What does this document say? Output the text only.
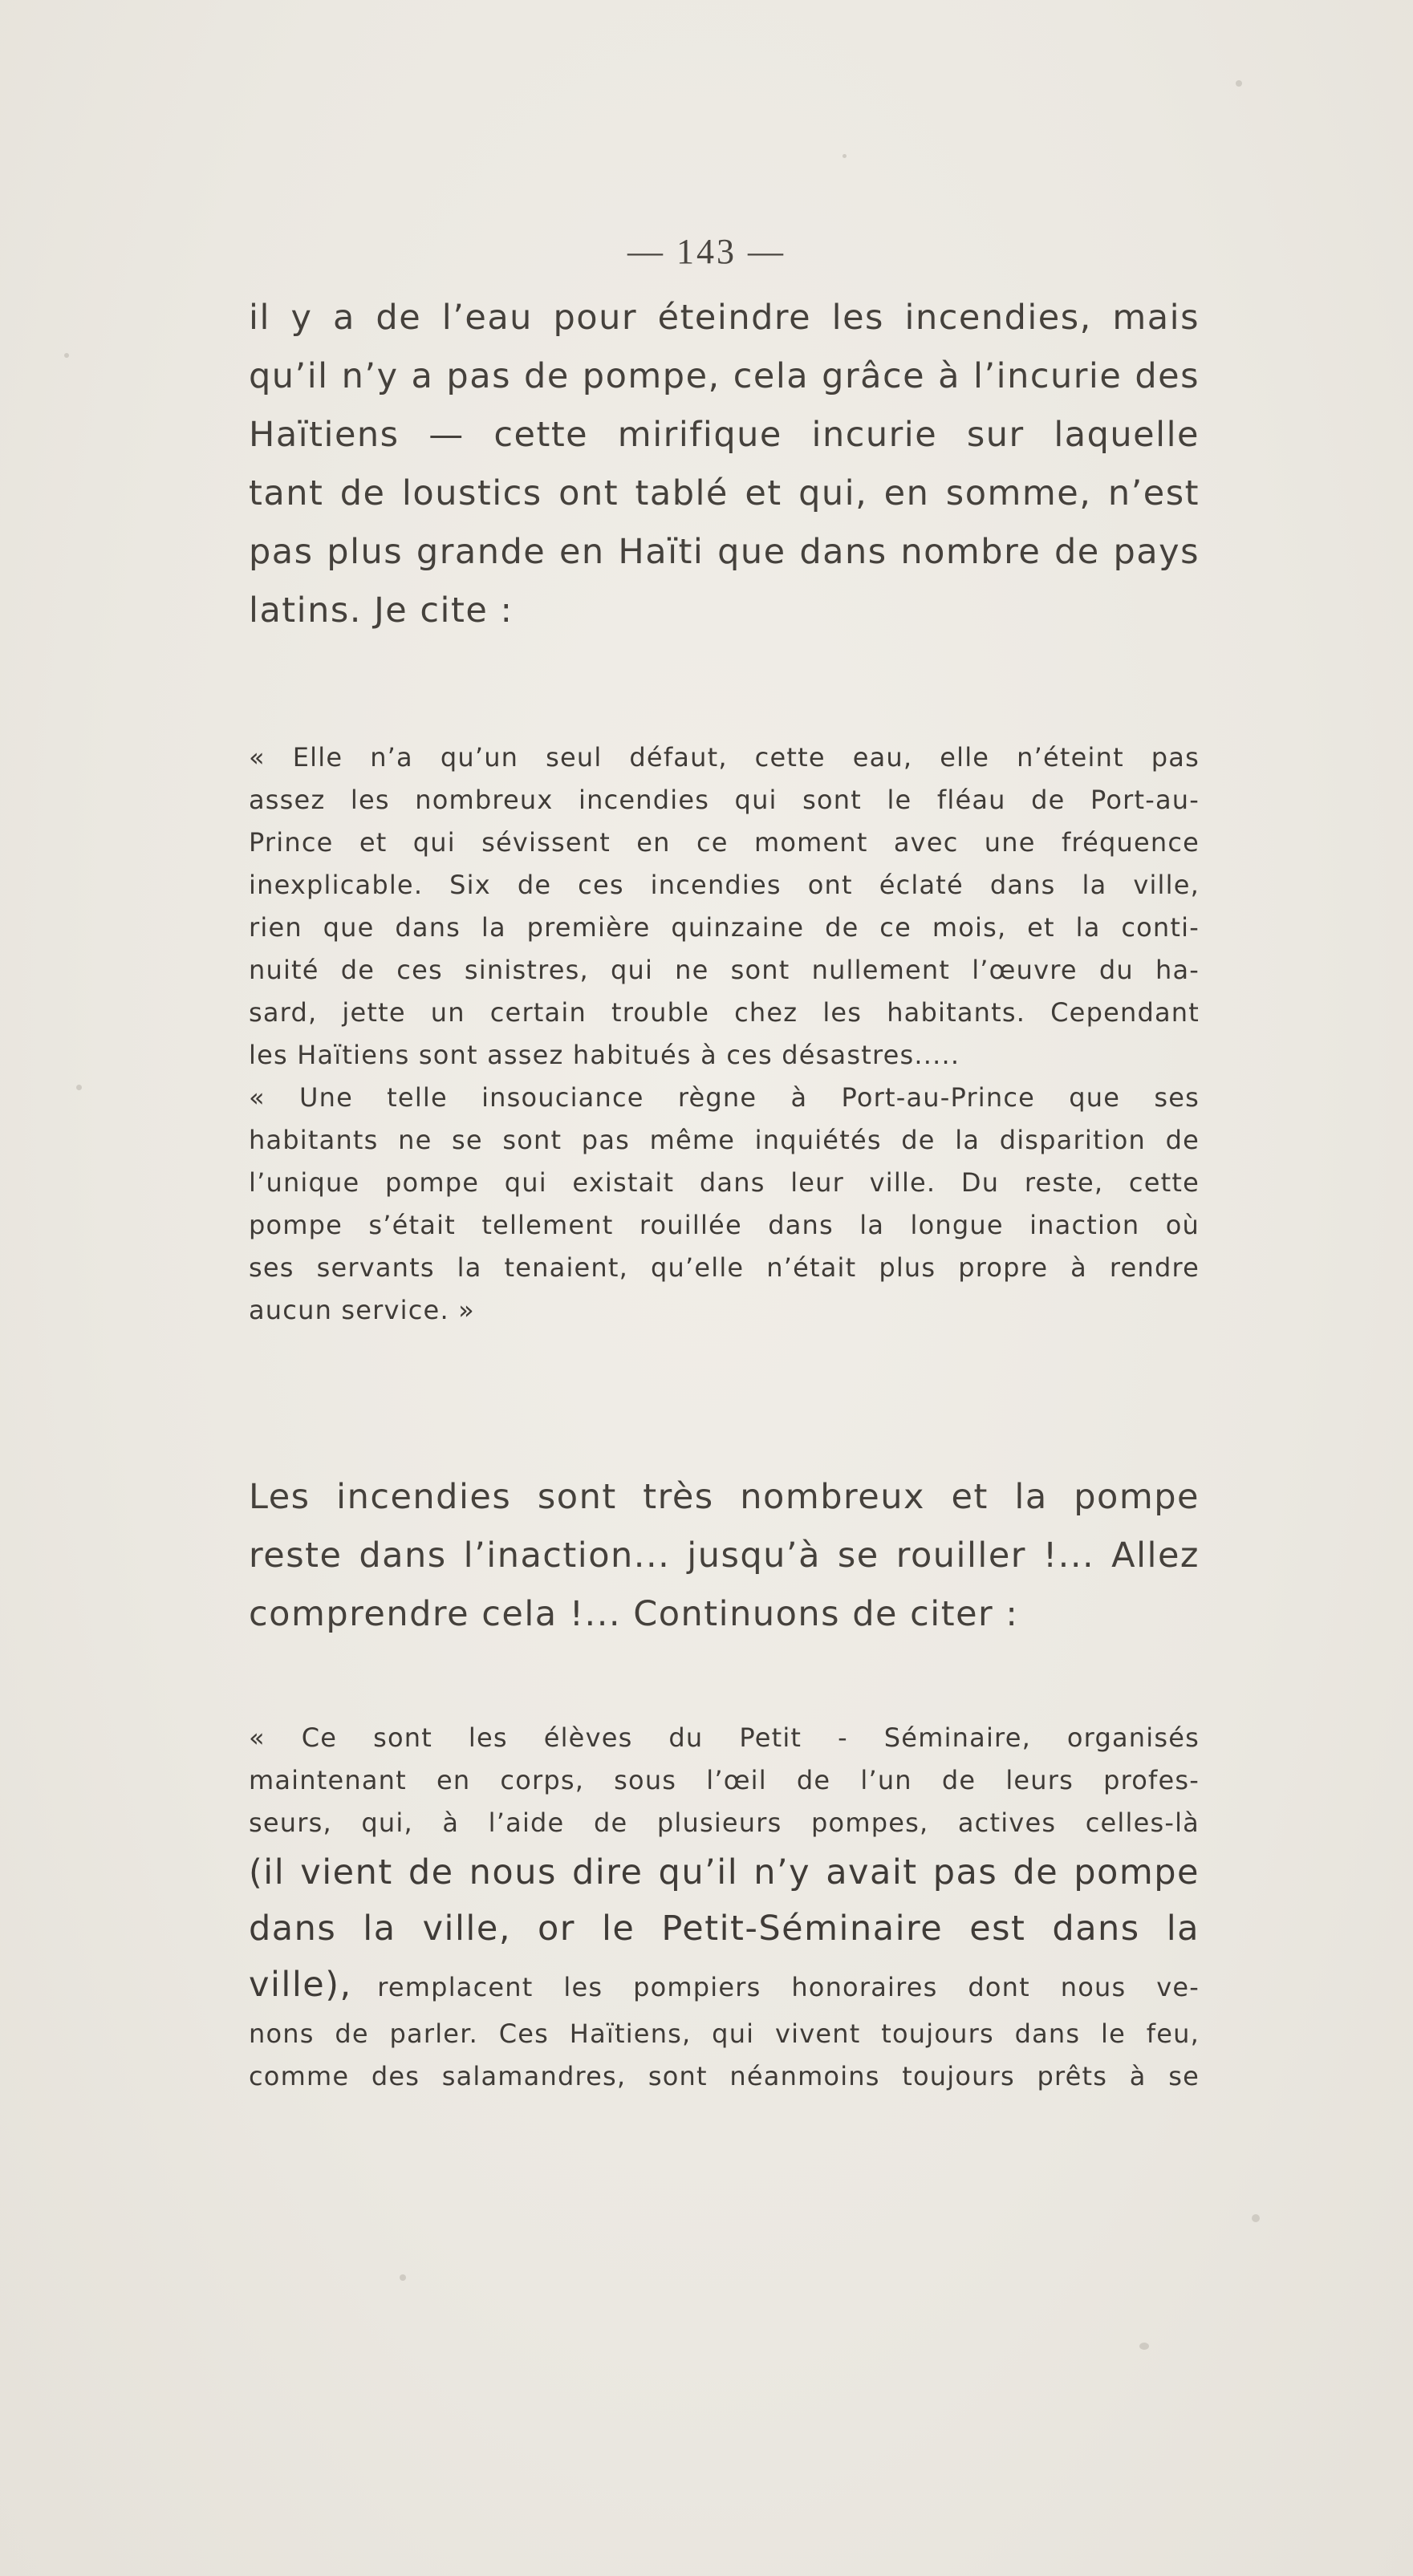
— 143 —
il y a de l’eau pour éteindre les incendies, mais
qu’il n’y a pas de pompe, cela grâce à l’incurie des
Haïtiens — cette mirifique incurie sur laquelle
tant de loustics ont tablé et qui, en somme, n’est
pas plus grande en Haïti que dans nombre de pays
latins. Je cite :
« Elle n’a qu’un seul défaut, cette eau, elle n’éteint pas
assez les nombreux incendies qui sont le fléau de Port-au-
Prince et qui sévissent en ce moment avec une fréquence
inexplicable. Six de ces incendies ont éclaté dans la ville,
rien que dans la première quinzaine de ce mois, et la conti-
nuité de ces sinistres, qui ne sont nullement l’œuvre du ha-
sard, jette un certain trouble chez les habitants. Cependant
les Haïtiens sont assez habitués à ces désastres.....
« Une telle insouciance règne à Port-au-Prince que ses
habitants ne se sont pas même inquiétés de la disparition de
l’unique pompe qui existait dans leur ville. Du reste, cette
pompe s’était tellement rouillée dans la longue inaction où
ses servants la tenaient, qu’elle n’était plus propre à rendre
aucun service. »
Les incendies sont très nombreux et la pompe
reste dans l’inaction... jusqu’à se rouiller !... Allez
comprendre cela !... Continuons de citer :
« Ce sont les élèves du Petit - Séminaire, organisés
maintenant en corps, sous l’œil de l’un de leurs profes-
seurs, qui, à l’aide de plusieurs pompes, actives celles-là
(il vient de nous dire qu’il n’y avait pas de pompe
dans la ville, or le Petit-Séminaire est dans la
ville), remplacent les pompiers honoraires dont nous ve-
nons de parler. Ces Haïtiens, qui vivent toujours dans le feu,
comme des salamandres, sont néanmoins toujours prêts à se
